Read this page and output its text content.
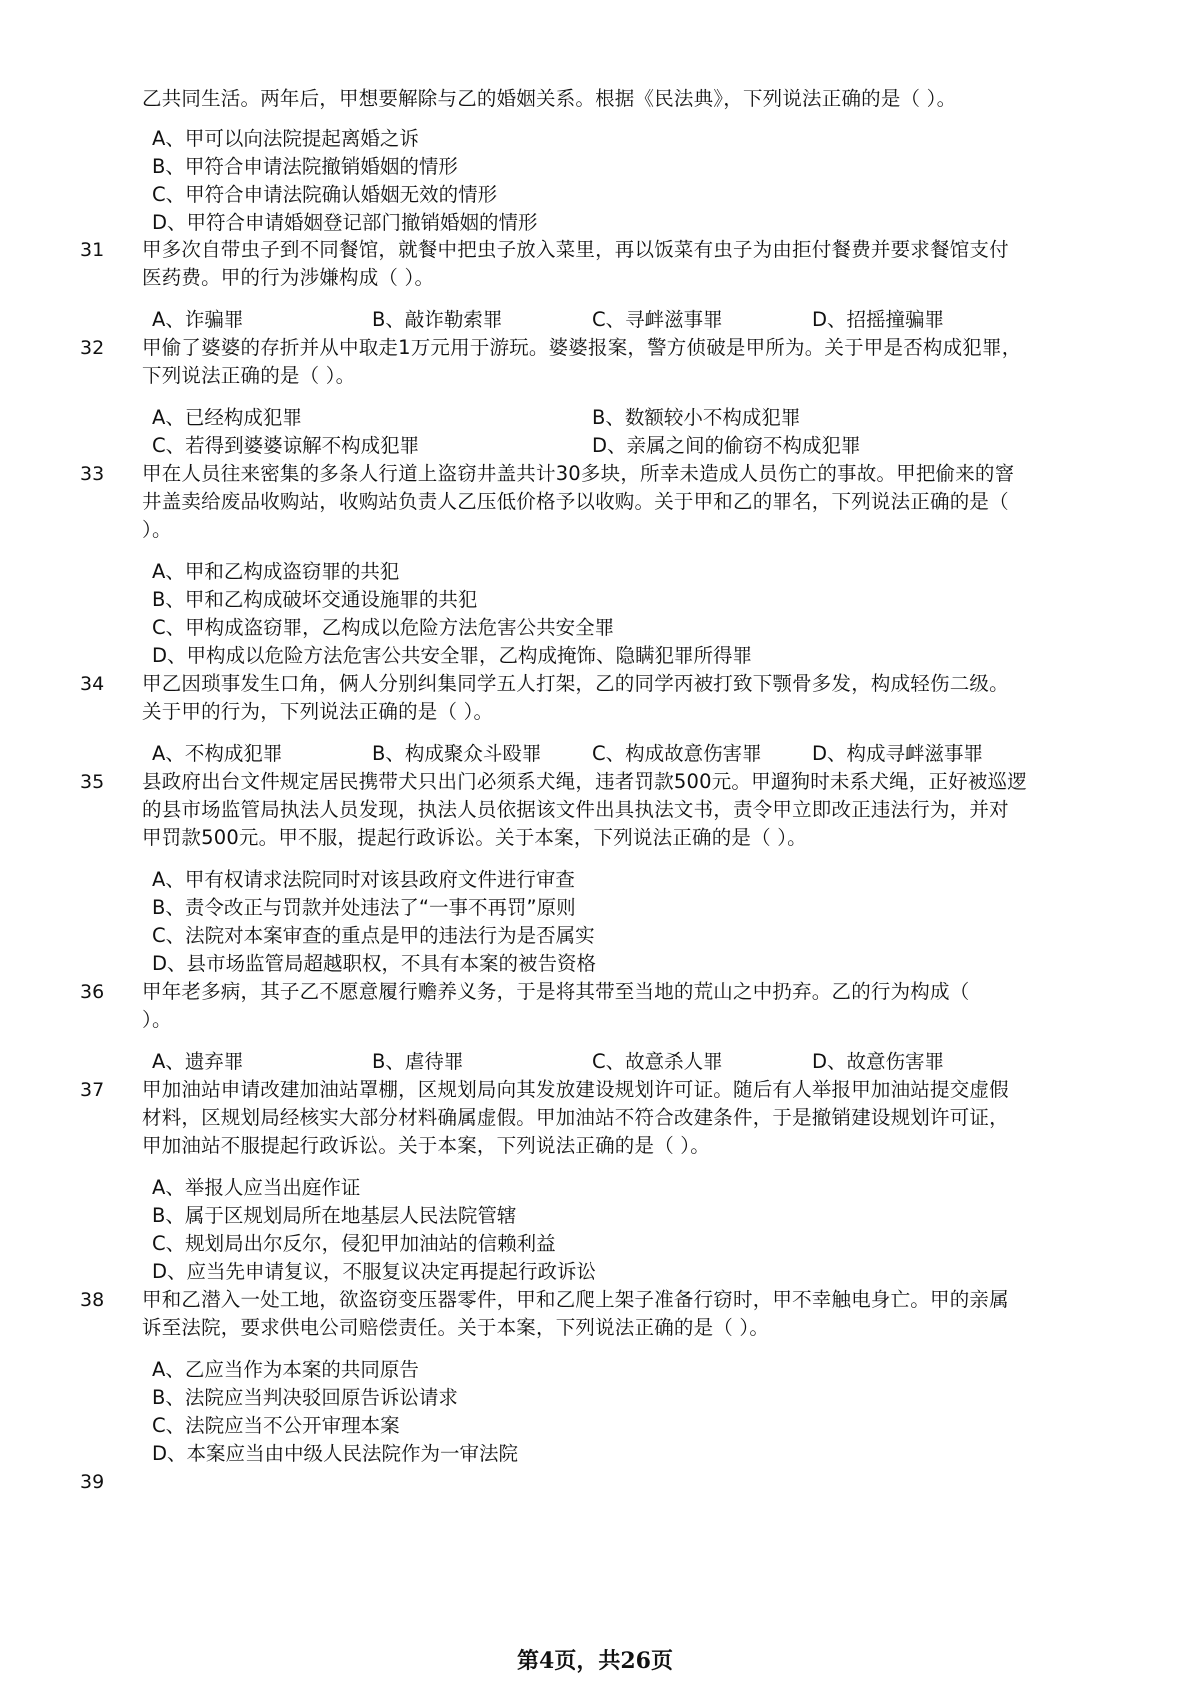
乙共同生活。两年后，甲想要解除与乙的婚姻关系。根据《民法典》，下列说法正确的是（ ）。
A、甲可以向法院提起离婚之诉
B、甲符合申请法院撤销婚姻的情形
C、甲符合申请法院确认婚姻无效的情形
D、甲符合申请婚姻登记部门撤销婚姻的情形
31 甲多次自带虫子到不同餐馆，就餐中把虫子放入菜里，再以饭菜有虫子为由拒付餐费并要求餐馆支付
医药费。甲的行为涉嫌构成（ ）。
A、诈骗罪	B、敲诈勒索罪	C、寻衅滋事罪	D、招摇撞骗罪
32 甲偷了婆婆的存折并从中取走1万元用于游玩。婆婆报案，警方侦破是甲所为。关于甲是否构成犯罪，
下列说法正确的是（ ）。
A、已经构成犯罪	B、数额较小不构成犯罪
C、若得到婆婆谅解不构成犯罪	D、亲属之间的偷窃不构成犯罪
33 甲在人员往来密集的多条人行道上盗窃井盖共计30多块，所幸未造成人员伤亡的事故。甲把偷来的窨
井盖卖给废品收购站，收购站负责人乙压低价格予以收购。关于甲和乙的罪名，下列说法正确的是（
）。
A、甲和乙构成盗窃罪的共犯
B、甲和乙构成破坏交通设施罪的共犯
C、甲构成盗窃罪，乙构成以危险方法危害公共安全罪
D、甲构成以危险方法危害公共安全罪，乙构成掩饰、隐瞒犯罪所得罪
34 甲乙因琐事发生口角，俩人分别纠集同学五人打架，乙的同学丙被打致下颚骨多发，构成轻伤二级。
关于甲的行为，下列说法正确的是（ ）。
A、不构成犯罪	B、构成聚众斗殴罪	C、构成故意伤害罪	D、构成寻衅滋事罪
35 县政府出台文件规定居民携带犬只出门必须系犬绳，违者罚款500元。甲遛狗时未系犬绳，正好被巡逻
的县市场监管局执法人员发现，执法人员依据该文件出具执法文书，责令甲立即改正违法行为，并对
甲罚款500元。甲不服，提起行政诉讼。关于本案，下列说法正确的是（ ）。
A、甲有权请求法院同时对该县政府文件进行审查
B、责令改正与罚款并处违法了“一事不再罚”原则
C、法院对本案审查的重点是甲的违法行为是否属实
D、县市场监管局超越职权，不具有本案的被告资格
36 甲年老多病，其子乙不愿意履行赡养义务，于是将其带至当地的荒山之中扔弃。乙的行为构成（
）。
A、遗弃罪	B、虐待罪	C、故意杀人罪	D、故意伤害罪
37 甲加油站申请改建加油站罩棚，区规划局向其发放建设规划许可证。随后有人举报甲加油站提交虚假
材料，区规划局经核实大部分材料确属虚假。甲加油站不符合改建条件，于是撤销建设规划许可证，
甲加油站不服提起行政诉讼。关于本案，下列说法正确的是（ ）。
A、举报人应当出庭作证
B、属于区规划局所在地基层人民法院管辖
C、规划局出尔反尔，侵犯甲加油站的信赖利益
D、应当先申请复议，不服复议决定再提起行政诉讼
38 甲和乙潜入一处工地，欲盗窃变压器零件，甲和乙爬上架子准备行窃时，甲不幸触电身亡。甲的亲属
诉至法院，要求供电公司赔偿责任。关于本案，下列说法正确的是（ ）。
A、乙应当作为本案的共同原告
B、法院应当判决驳回原告诉讼请求
C、法院应当不公开审理本案
D、本案应当由中级人民法院作为一审法院
39
第4页，共26页
